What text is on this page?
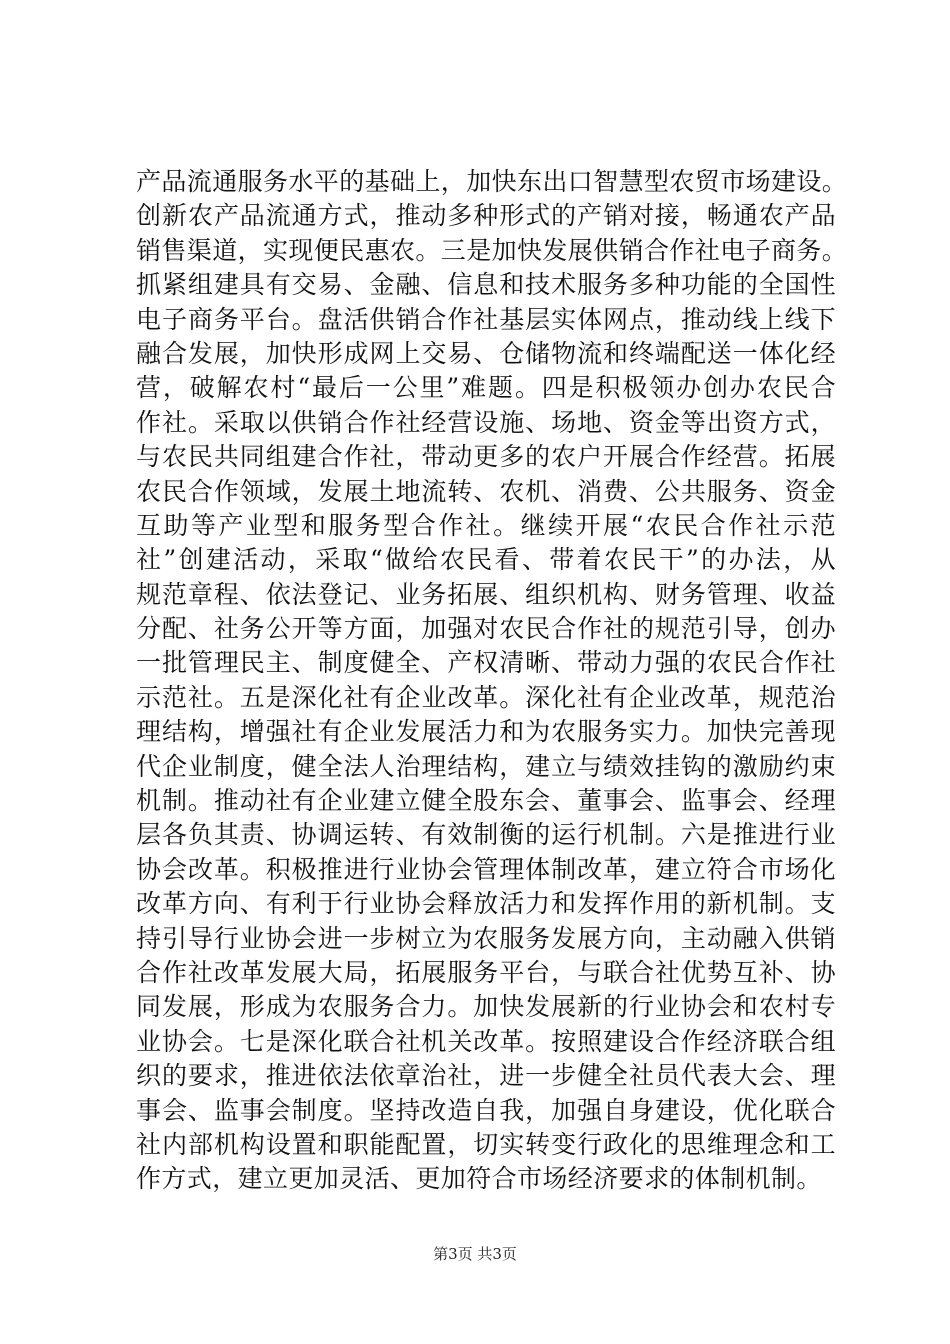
产品流通服务水平的基础上，加快东出口智慧型农贸市场建设。
创新农产品流通方式，推动多种形式的产销对接，畅通农产品
销售渠道，实现便民惠农。三是加快发展供销合作社电子商务。
抓紧组建具有交易、金融、信息和技术服务多种功能的全国性
电子商务平台。盘活供销合作社基层实体网点，推动线上线下
融合发展，加快形成网上交易、仓储物流和终端配送一体化经
营，破解农村“最后一公里”难题。四是积极领办创办农民合
作社。采取以供销合作社经营设施、场地、资金等出资方式，
与农民共同组建合作社，带动更多的农户开展合作经营。拓展
农民合作领域，发展土地流转、农机、消费、公共服务、资金
互助等产业型和服务型合作社。继续开展“农民合作社示范
社”创建活动，采取“做给农民看、带着农民干”的办法，从
规范章程、依法登记、业务拓展、组织机构、财务管理、收益
分配、社务公开等方面，加强对农民合作社的规范引导，创办
一批管理民主、制度健全、产权清晰、带动力强的农民合作社
示范社。五是深化社有企业改革。深化社有企业改革，规范治
理结构，增强社有企业发展活力和为农服务实力。加快完善现
代企业制度，健全法人治理结构，建立与绩效挂钩的激励约束
机制。推动社有企业建立健全股东会、董事会、监事会、经理
层各负其责、协调运转、有效制衡的运行机制。六是推进行业
协会改革。积极推进行业协会管理体制改革，建立符合市场化
改革方向、有利于行业协会释放活力和发挥作用的新机制。支
持引导行业协会进一步树立为农服务发展方向，主动融入供销
合作社改革发展大局，拓展服务平台，与联合社优势互补、协
同发展，形成为农服务合力。加快发展新的行业协会和农村专
业协会。七是深化联合社机关改革。按照建设合作经济联合组
织的要求，推进依法依章治社，进一步健全社员代表大会、理
事会、监事会制度。坚持改造自我，加强自身建设，优化联合
社内部机构设置和职能配置，切实转变行政化的思维理念和工
作方式，建立更加灵活、更加符合市场经济要求的体制机制。
第3页 共3页
